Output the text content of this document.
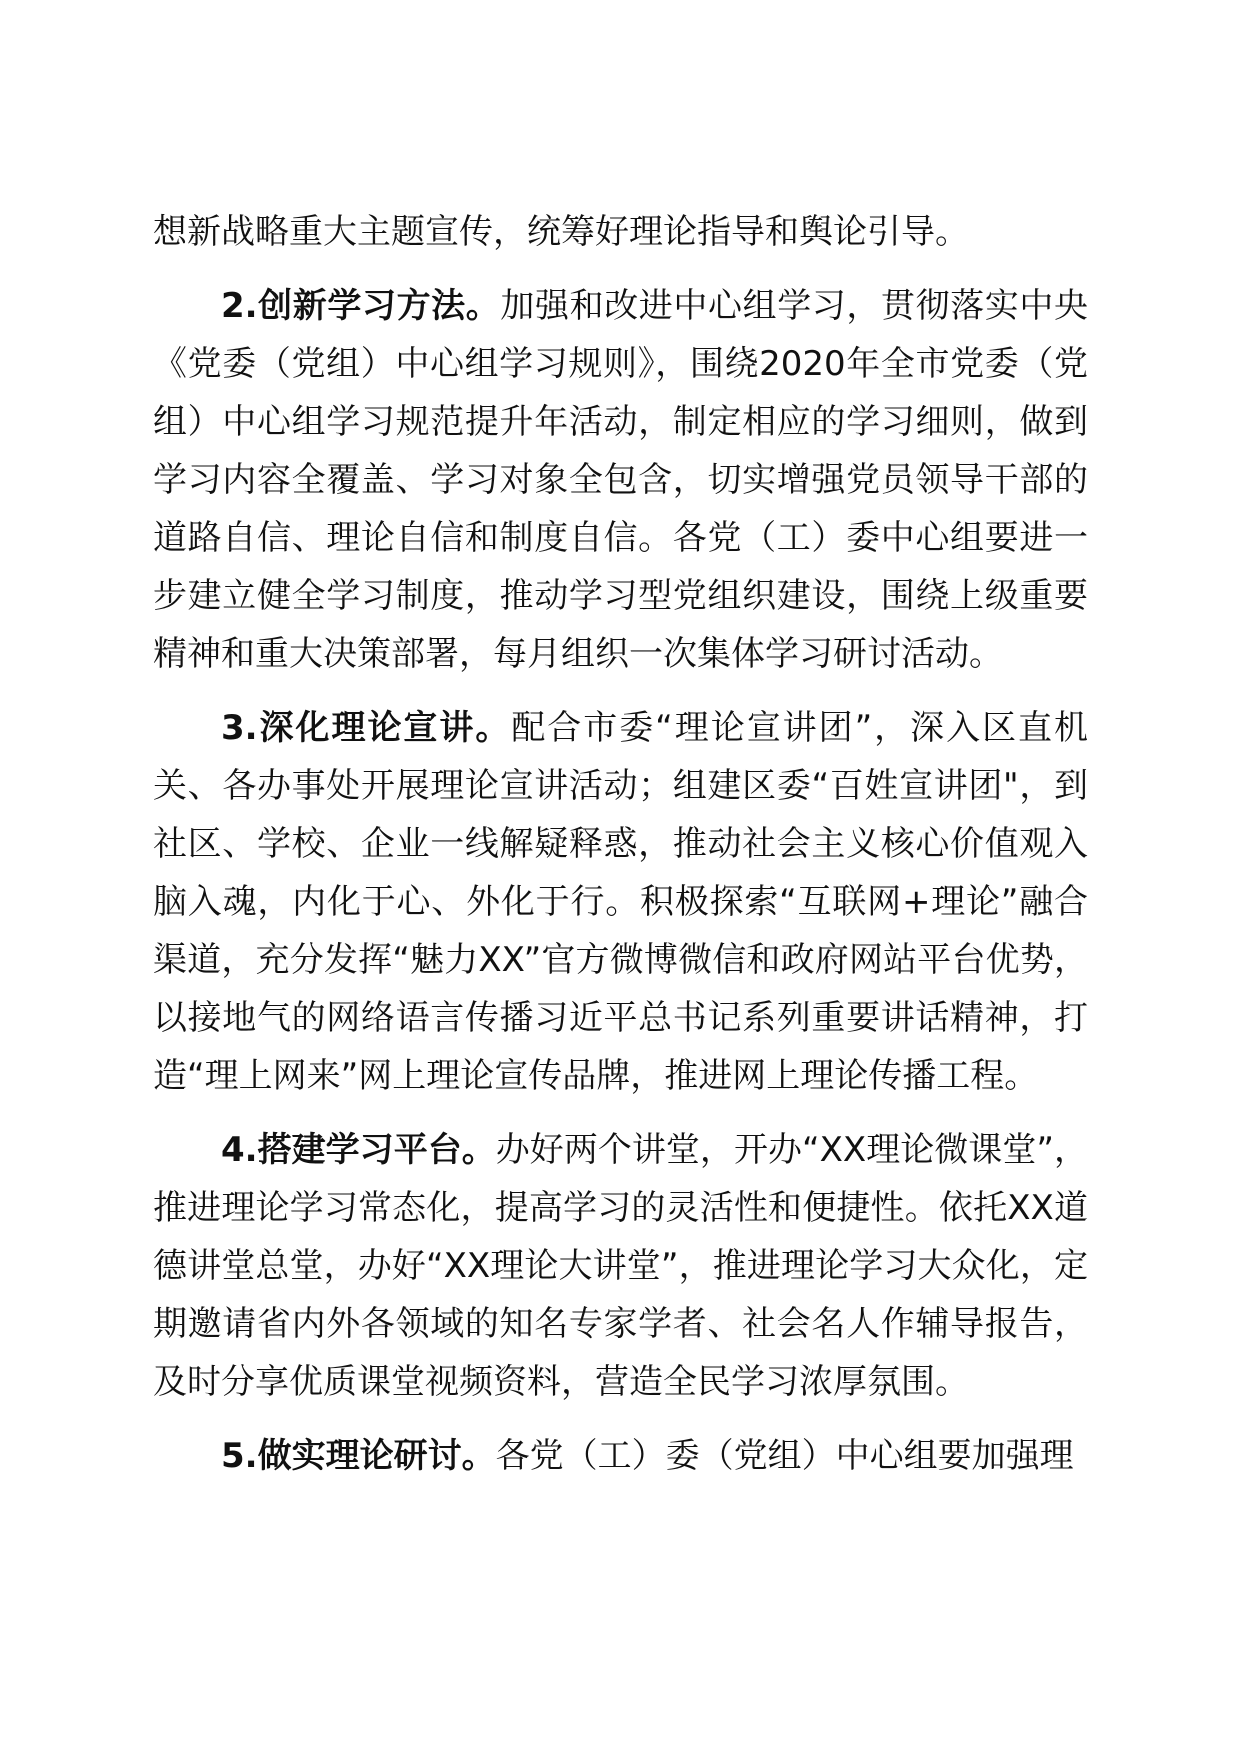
想新战略重大主题宣传，统筹好理论指导和舆论引导。

2.创新学习方法。加强和改进中心组学习，贯彻落实中央《党委（党组）中心组学习规则》，围绕2020年全市党委（党组）中心组学习规范提升年活动，制定相应的学习细则，做到学习内容全覆盖、学习对象全包含，切实增强党员领导干部的道路自信、理论自信和制度自信。各党（工）委中心组要进一步建立健全学习制度，推动学习型党组织建设，围绕上级重要精神和重大决策部署，每月组织一次集体学习研讨活动。

3.深化理论宣讲。配合市委“理论宣讲团”，深入区直机关、各办事处开展理论宣讲活动；组建区委“百姓宣讲团"，到社区、学校、企业一线解疑释惑，推动社会主义核心价值观入脑入魂，内化于心、外化于行。积极探索“互联网+理论”融合渠道，充分发挥“魅力XX”官方微博微信和政府网站平台优势，以接地气的网络语言传播习近平总书记系列重要讲话精神，打造“理上网来”网上理论宣传品牌，推进网上理论传播工程。

4.搭建学习平台。办好两个讲堂，开办“XX理论微课堂”，推进理论学习常态化，提高学习的灵活性和便捷性。依托XX道德讲堂总堂，办好“XX理论大讲堂”，推进理论学习大众化，定期邀请省内外各领域的知名专家学者、社会名人作辅导报告，及时分享优质课堂视频资料，营造全民学习浓厚氛围。

5.做实理论研讨。各党（工）委（党组）中心组要加强理
